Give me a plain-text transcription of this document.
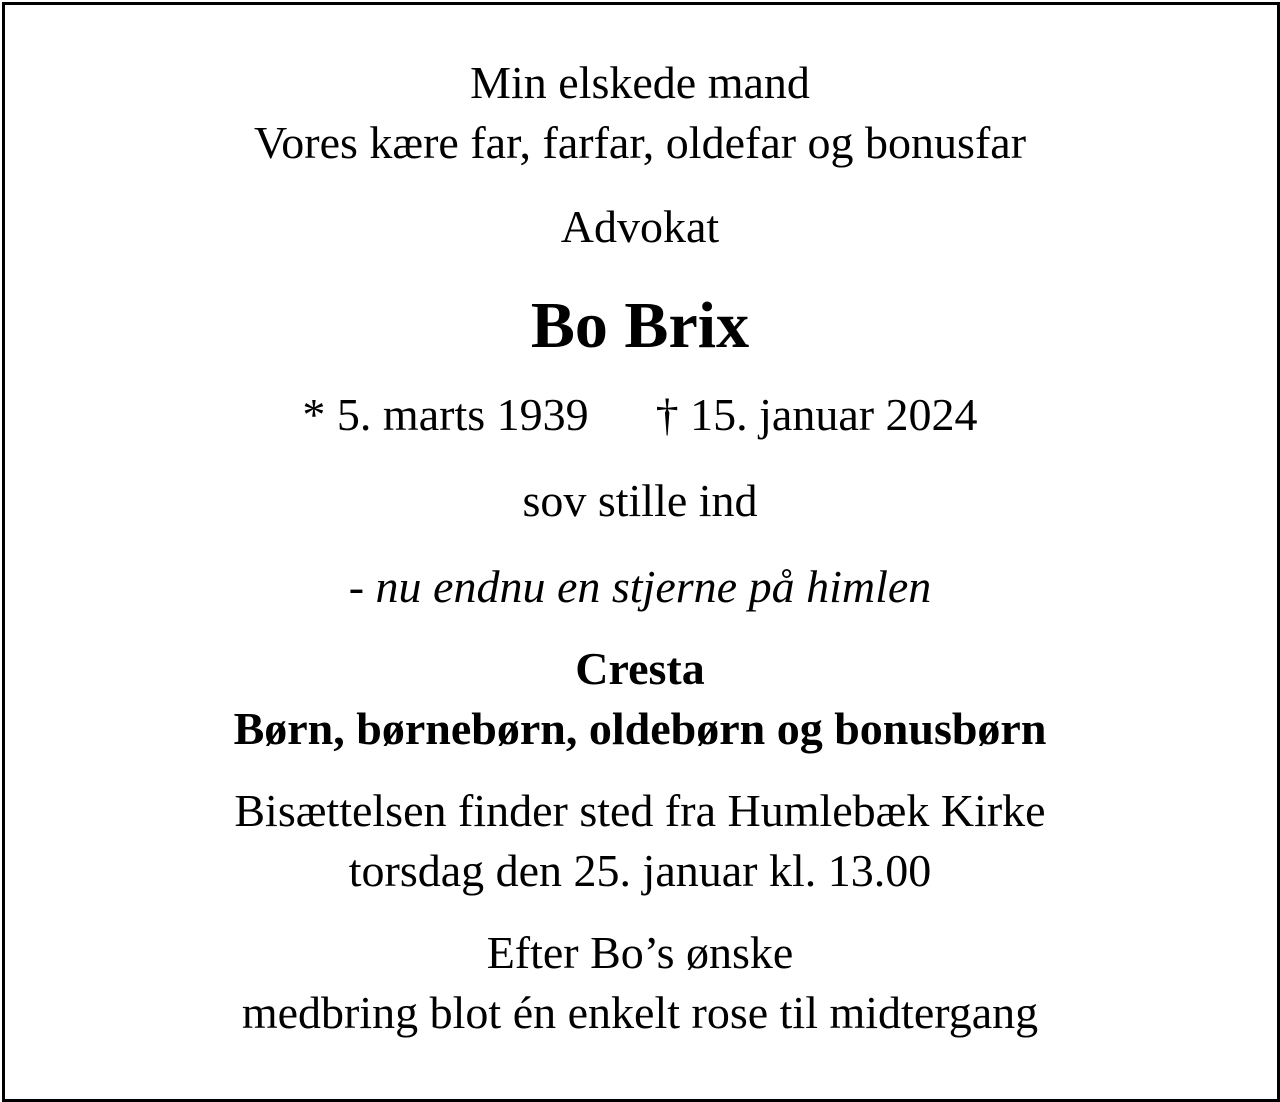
Min elskede mand

Vores kære far, farfar, oldefar og bonusfar

Advokat

Bo Brix

* 5. marts 1939 † 15. januar 2024

sov stille ind

- nu endnu en stjerne på himlen

Cresta

Børn, børnebørn, oldebørn og bonusbørn

Bisættelsen finder sted fra Humlebæk Kirke

torsdag den 25. januar kl. 13.00

Efter Bo’s ønske

medbring blot én enkelt rose til midtergang
